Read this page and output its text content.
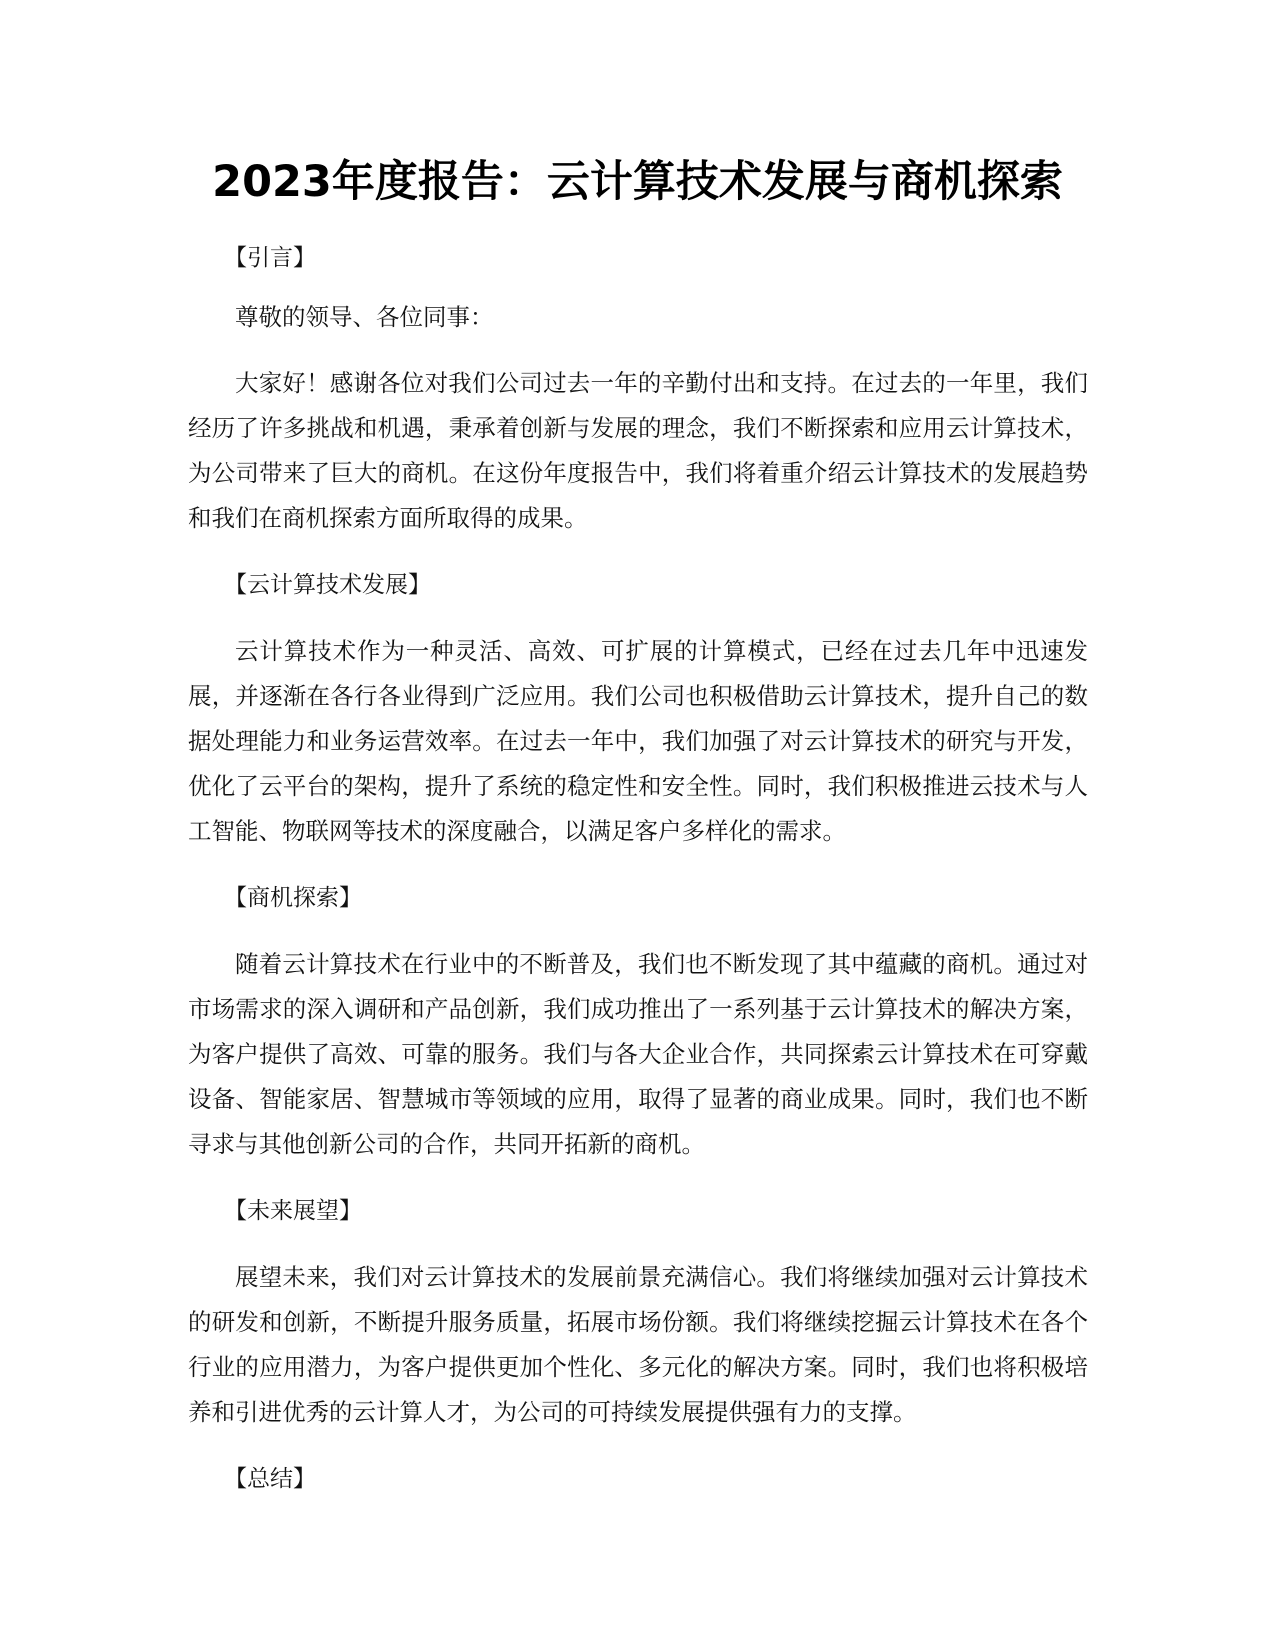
2023年度报告：云计算技术发展与商机探索

【引言】

尊敬的领导、各位同事：

大家好！感谢各位对我们公司过去一年的辛勤付出和支持。在过去的一年里，我们经历了许多挑战和机遇，秉承着创新与发展的理念，我们不断探索和应用云计算技术，为公司带来了巨大的商机。在这份年度报告中，我们将着重介绍云计算技术的发展趋势和我们在商机探索方面所取得的成果。

【云计算技术发展】

云计算技术作为一种灵活、高效、可扩展的计算模式，已经在过去几年中迅速发展，并逐渐在各行各业得到广泛应用。我们公司也积极借助云计算技术，提升自己的数据处理能力和业务运营效率。在过去一年中，我们加强了对云计算技术的研究与开发，优化了云平台的架构，提升了系统的稳定性和安全性。同时，我们积极推进云技术与人工智能、物联网等技术的深度融合，以满足客户多样化的需求。

【商机探索】

随着云计算技术在行业中的不断普及，我们也不断发现了其中蕴藏的商机。通过对市场需求的深入调研和产品创新，我们成功推出了一系列基于云计算技术的解决方案，为客户提供了高效、可靠的服务。我们与各大企业合作，共同探索云计算技术在可穿戴设备、智能家居、智慧城市等领域的应用，取得了显著的商业成果。同时，我们也不断寻求与其他创新公司的合作，共同开拓新的商机。

【未来展望】

展望未来，我们对云计算技术的发展前景充满信心。我们将继续加强对云计算技术的研发和创新，不断提升服务质量，拓展市场份额。我们将继续挖掘云计算技术在各个行业的应用潜力，为客户提供更加个性化、多元化的解决方案。同时，我们也将积极培养和引进优秀的云计算人才，为公司的可持续发展提供强有力的支撑。

【总结】
